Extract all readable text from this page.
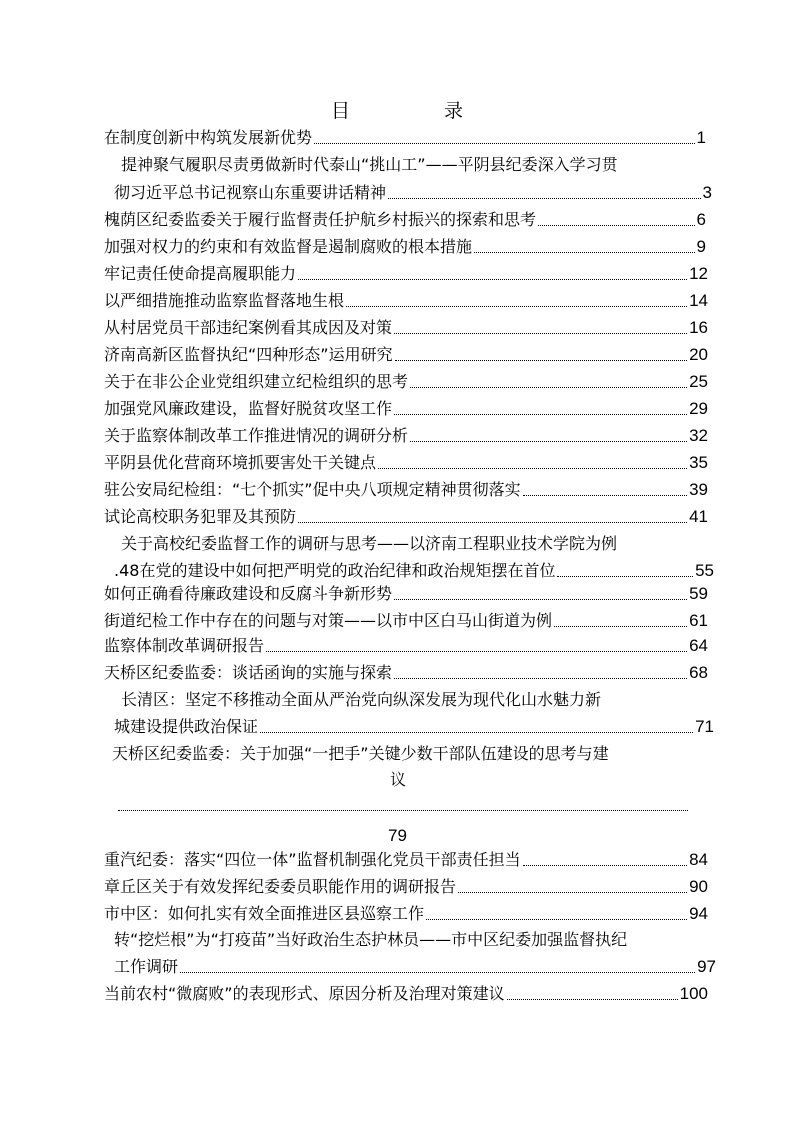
目 录
在制度创新中构筑发展新优势	1
提神聚气履职尽责勇做新时代泰山“挑山工”——平阴县纪委深入学习贯
彻习近平总书记视察山东重要讲话精神	3
槐荫区纪委监委关于履行监督责任护航乡村振兴的探索和思考	6
加强对权力的约束和有效监督是遏制腐败的根本措施	9
牢记责任使命提高履职能力	12
以严细措施推动监察监督落地生根	14
从村居党员干部违纪案例看其成因及对策	16
济南高新区监督执纪“四种形态”运用研究	20
关于在非公企业党组织建立纪检组织的思考	25
加强党风廉政建设，监督好脱贫攻坚工作	29
关于监察体制改革工作推进情况的调研分析	32
平阴县优化营商环境抓要害处干关键点	35
驻公安局纪检组：“七个抓实”促中央八项规定精神贯彻落实	39
试论高校职务犯罪及其预防	41
关于高校纪委监督工作的调研与思考——以济南工程职业技术学院为例
.48在党的建设中如何把严明党的政治纪律和政治规矩摆在首位	55
如何正确看待廉政建设和反腐斗争新形势	59
街道纪检工作中存在的问题与对策——以市中区白马山街道为例	61
监察体制改革调研报告	64
天桥区纪委监委：谈话函询的实施与探索	68
长清区：坚定不移推动全面从严治党向纵深发展为现代化山水魅力新
城建设提供政治保证	71
天桥区纪委监委：关于加强“一把手”关键少数干部队伍建设的思考与建
议
79
重汽纪委：落实“四位一体”监督机制强化党员干部责任担当	84
章丘区关于有效发挥纪委委员职能作用的调研报告	90
市中区：如何扎实有效全面推进区县巡察工作	94
转“挖烂根”为“打疫苗”当好政治生态护林员——市中区纪委加强监督执纪
工作调研	97
当前农村“微腐败”的表现形式、原因分析及治理对策建议	100
